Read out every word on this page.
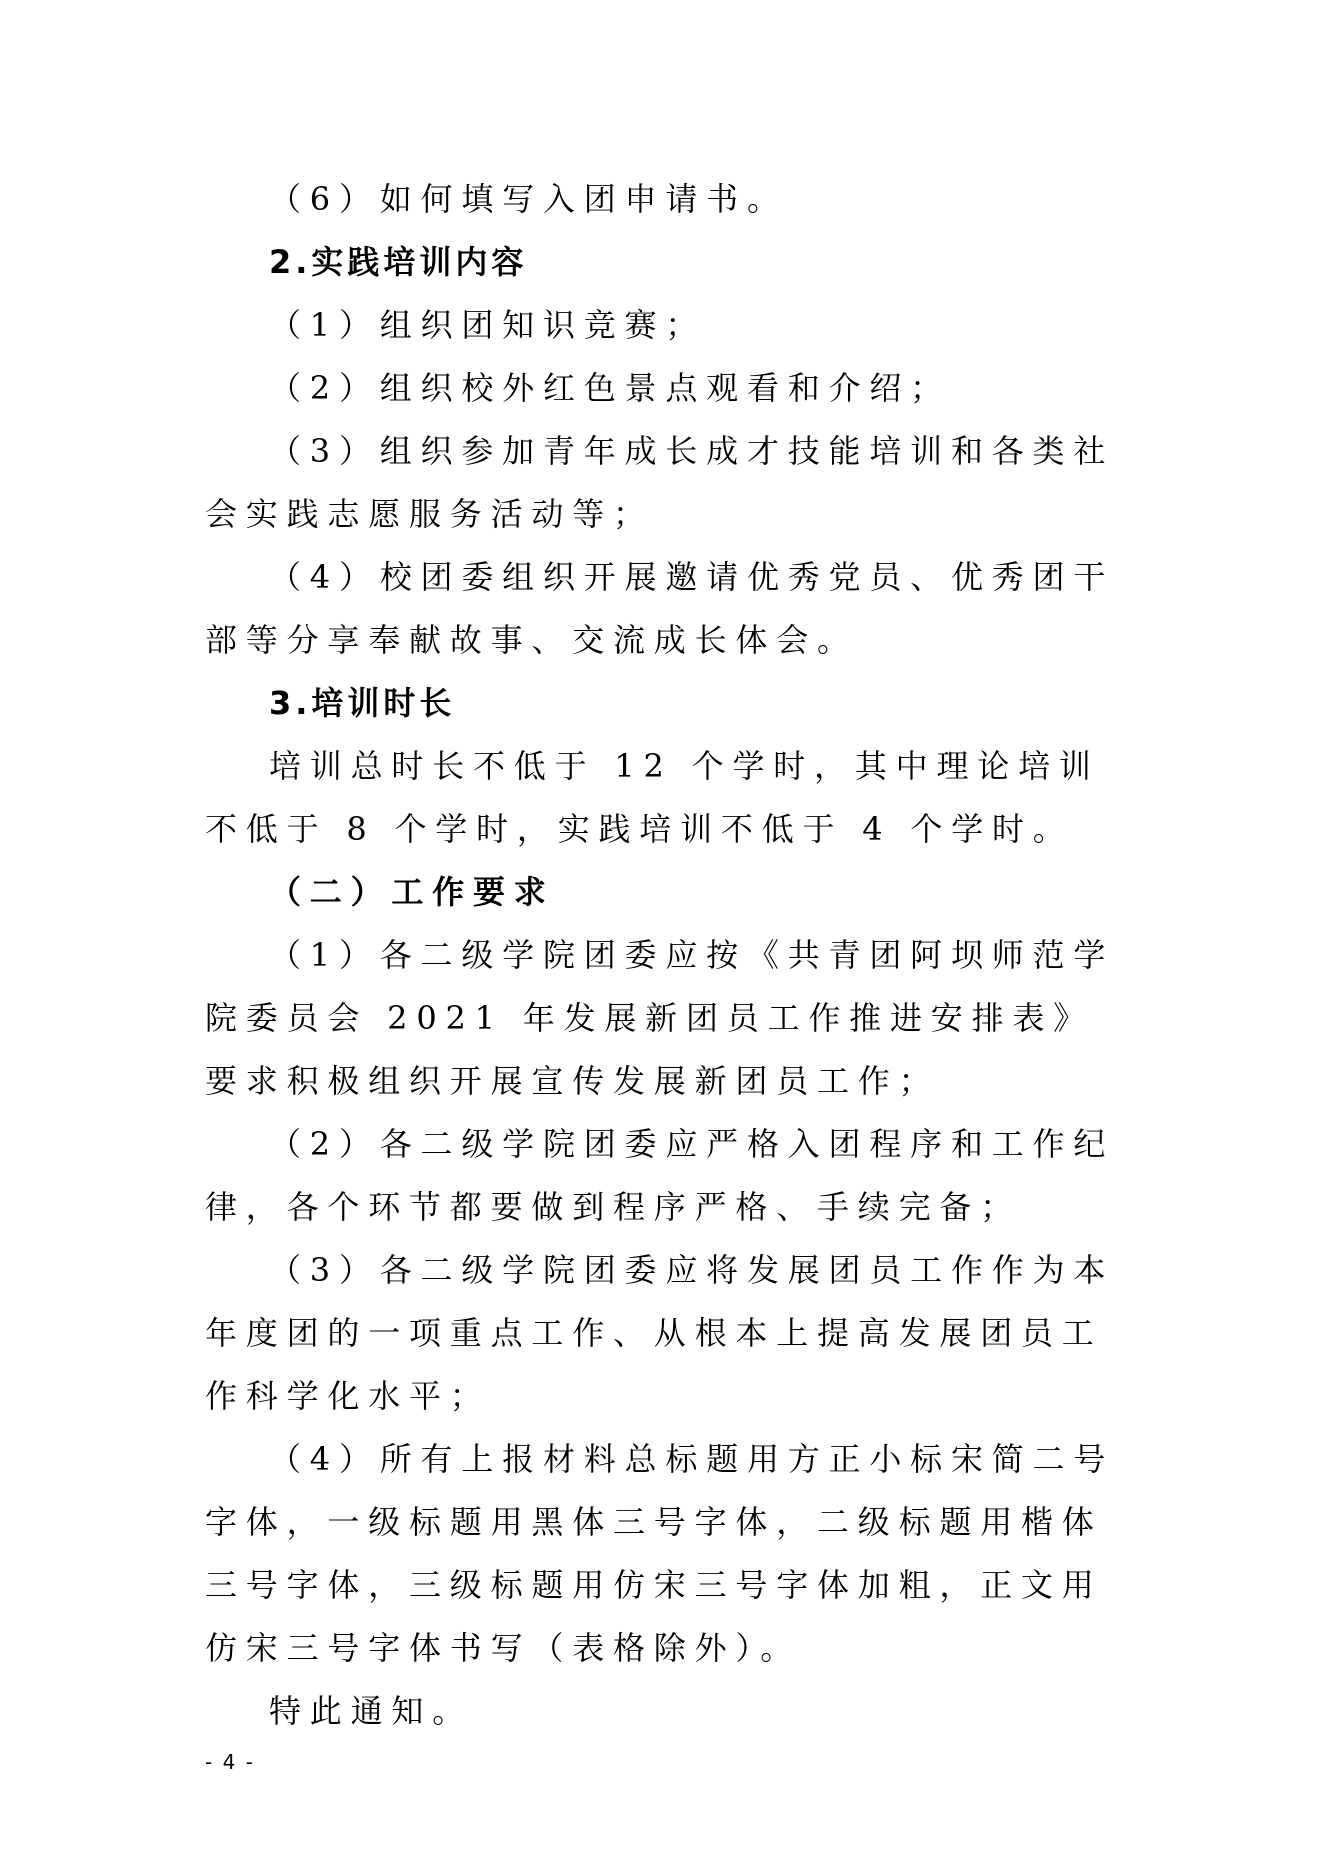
（6）如何填写入团申请书。

2.实践培训内容

（1）组织团知识竞赛；

（2）组织校外红色景点观看和介绍；

（3）组织参加青年成长成才技能培训和各类社会实践志愿服务活动等；

（4）校团委组织开展邀请优秀党员、优秀团干部等分享奉献故事、交流成长体会。

3.培训时长

培训总时长不低于 12 个学时，其中理论培训不低于 8 个学时，实践培训不低于 4 个学时。

（二）工作要求

（1）各二级学院团委应按《共青团阿坝师范学院委员会 2021 年发展新团员工作推进安排表》要求积极组织开展宣传发展新团员工作；

（2）各二级学院团委应严格入团程序和工作纪律，各个环节都要做到程序严格、手续完备；

（3）各二级学院团委应将发展团员工作作为本年度团的一项重点工作、从根本上提高发展团员工作科学化水平；

（4）所有上报材料总标题用方正小标宋简二号字体，一级标题用黑体三号字体，二级标题用楷体三号字体，三级标题用仿宋三号字体加粗，正文用仿宋三号字体书写（表格除外）。

特此通知。

- 4 -
